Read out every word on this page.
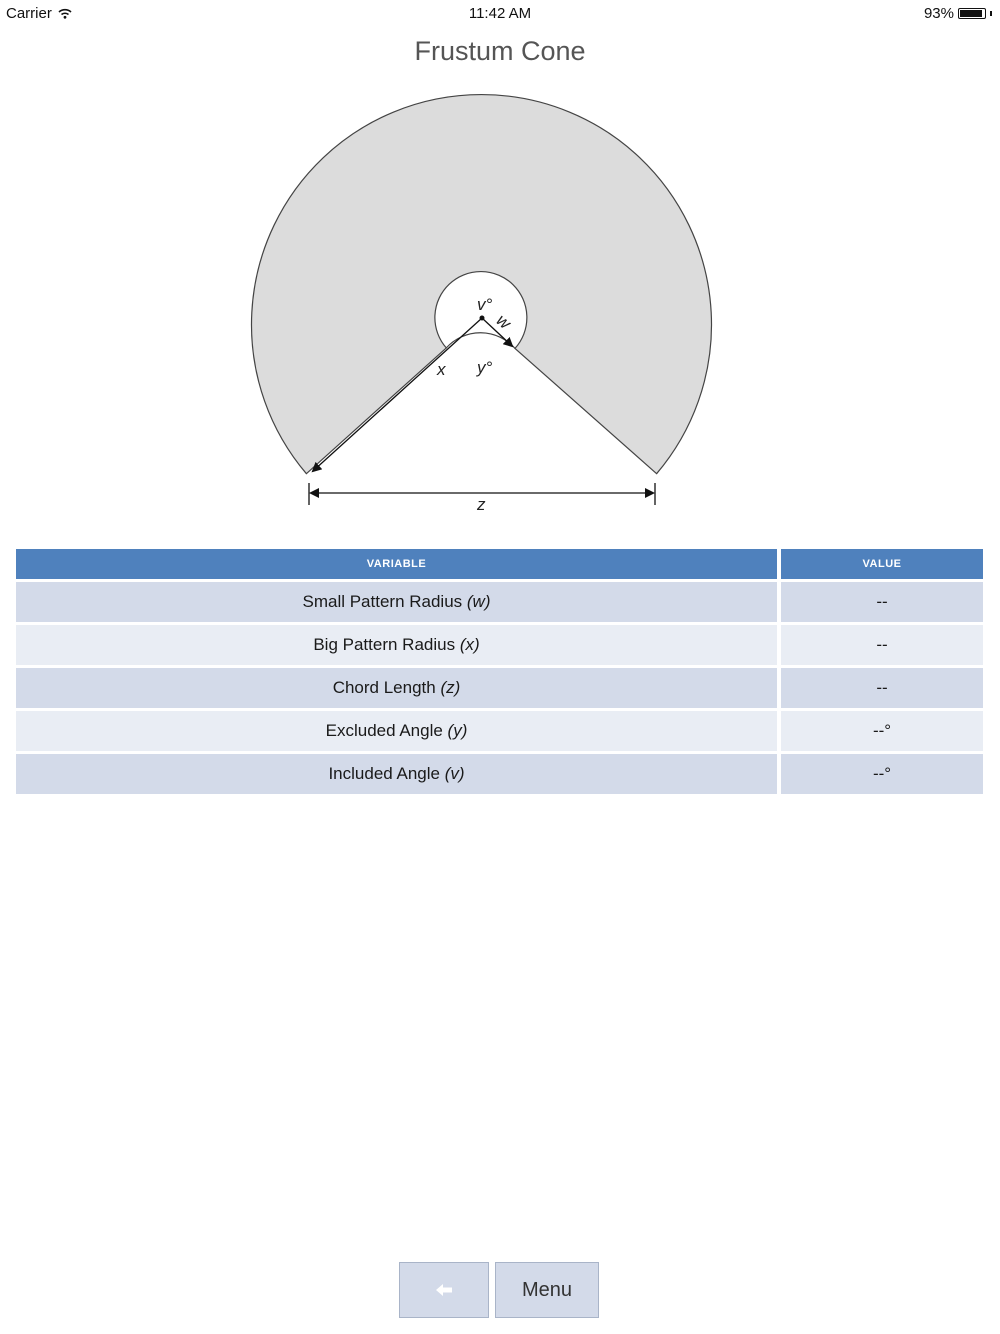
Carrier	11:42 AM	93%
Frustum Cone
v°
w
x y°
z
VARIABLE	VALUE
Small Pattern Radius (w)	--
Big Pattern Radius (x)	--
Chord Length (z)	--
Excluded Angle (y)	--°
Included Angle (v)	--°
Menu
